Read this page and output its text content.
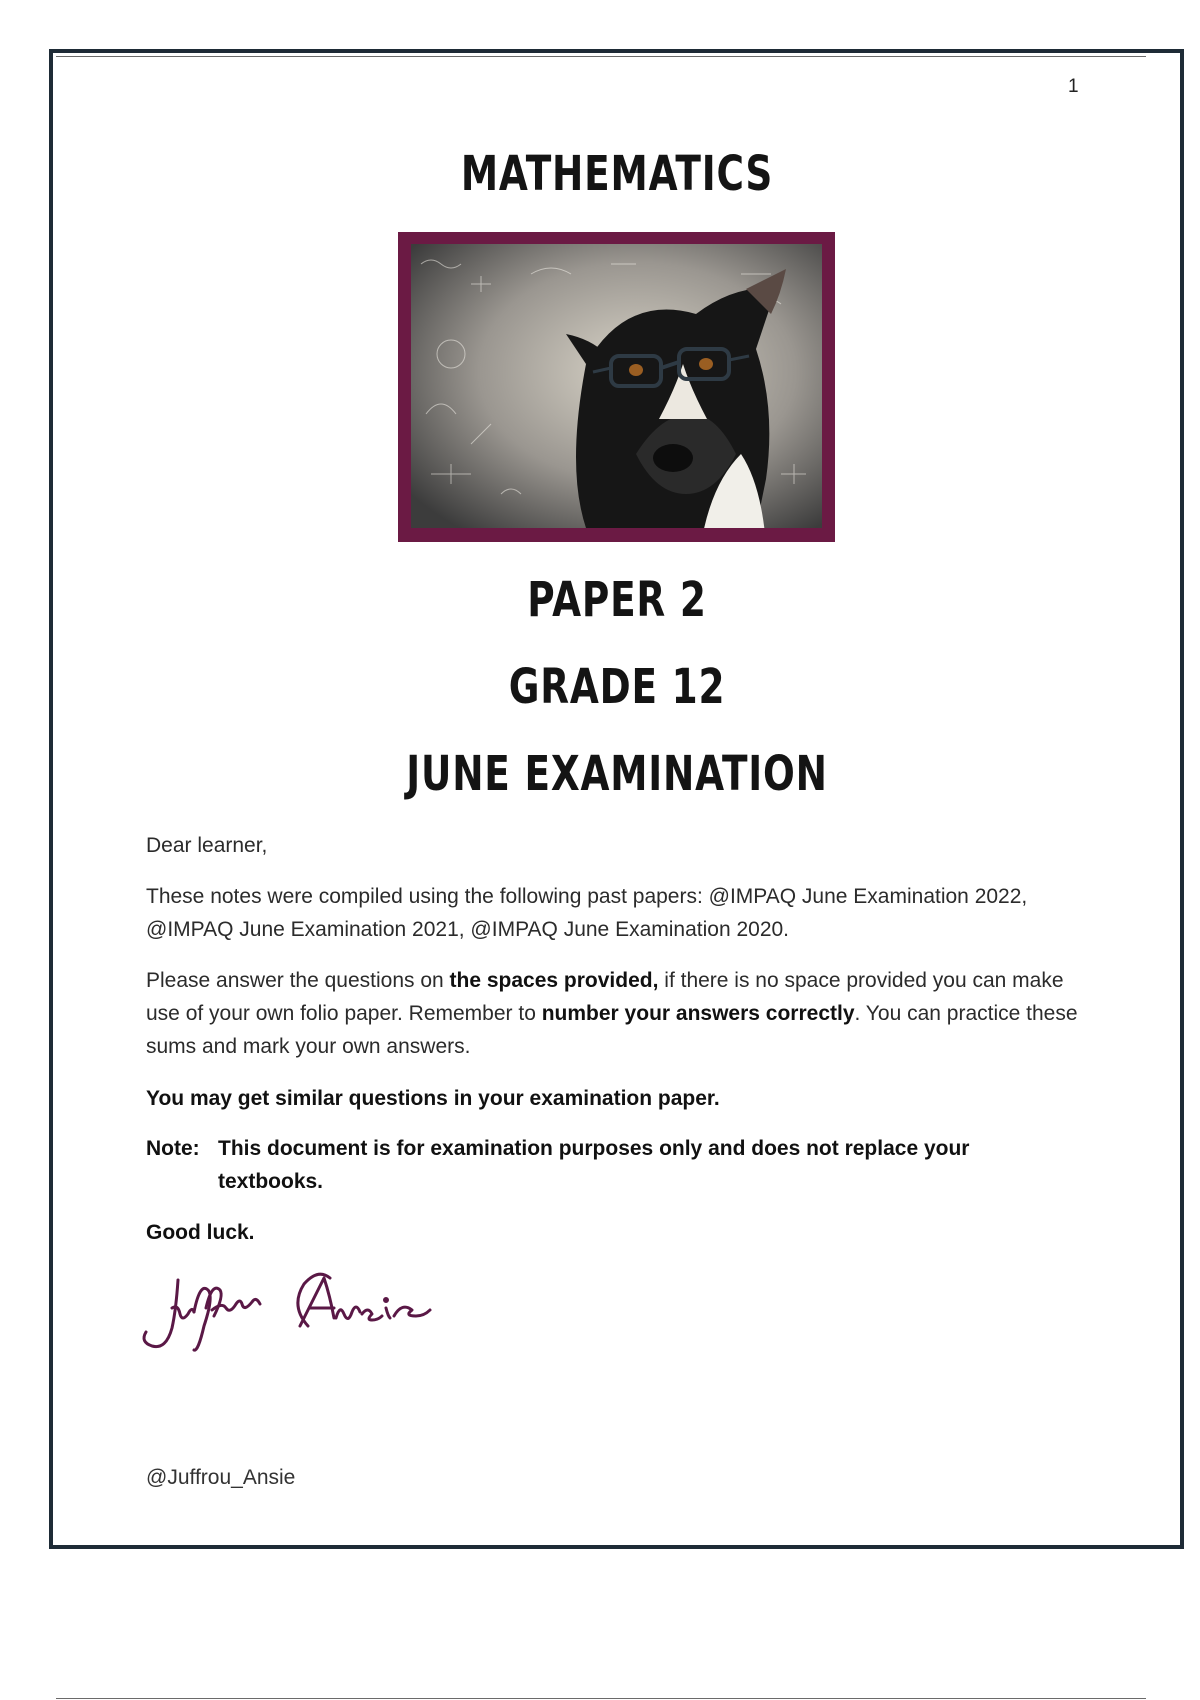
1
MATHEMATICS
PAPER 2
GRADE 12
JUNE EXAMINATION
Dear learner,
These notes were compiled using the following past papers: @IMPAQ June Examination 2022, @IMPAQ June Examination 2021, @IMPAQ June Examination 2020.
Please answer the questions on the spaces provided, if there is no space provided you can make use of your own folio paper. Remember to number your answers correctly. You can practice these sums and mark your own answers.
You may get similar questions in your examination paper.
Note: This document is for examination purposes only and does not replace your textbooks.
Good luck.
@Juffrou_Ansie
